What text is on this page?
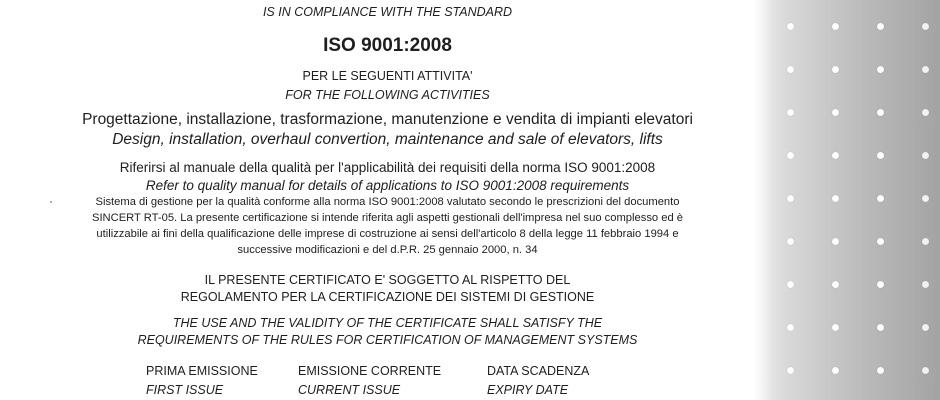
IS IN COMPLIANCE WITH THE STANDARD
ISO 9001:2008
PER LE SEGUENTI ATTIVITA'
FOR THE FOLLOWING ACTIVITIES
Progettazione, installazione, trasformazione, manutenzione e vendita di impianti elevatori
Design, installation, overhaul convertion, maintenance and sale of elevators, lifts
Riferirsi al manuale della qualità per l'applicabilità dei requisiti della norma ISO 9001:2008
Refer to quality manual for details of applications to ISO 9001:2008 requirements
Sistema di gestione per la qualità conforme alla norma ISO 9001:2008 valutato secondo le prescrizioni del documento
SINCERT RT-05. La presente certificazione si intende riferita agli aspetti gestionali dell'impresa nel suo complesso ed è
utilizzabile ai fini della qualificazione delle imprese di costruzione ai sensi dell'articolo 8 della legge 11 febbraio 1994 e
successive modificazioni e del d.P.R. 25 gennaio 2000, n. 34
IL PRESENTE CERTIFICATO E' SOGGETTO AL RISPETTO DEL
REGOLAMENTO PER LA CERTIFICAZIONE DEI SISTEMI DI GESTIONE
THE USE AND THE VALIDITY OF THE CERTIFICATE SHALL SATISFY THE
REQUIREMENTS OF THE RULES FOR CERTIFICATION OF MANAGEMENT SYSTEMS
PRIMA EMISSIONE
FIRST ISSUE
EMISSIONE CORRENTE
CURRENT ISSUE
DATA SCADENZA
EXPIRY DATE
